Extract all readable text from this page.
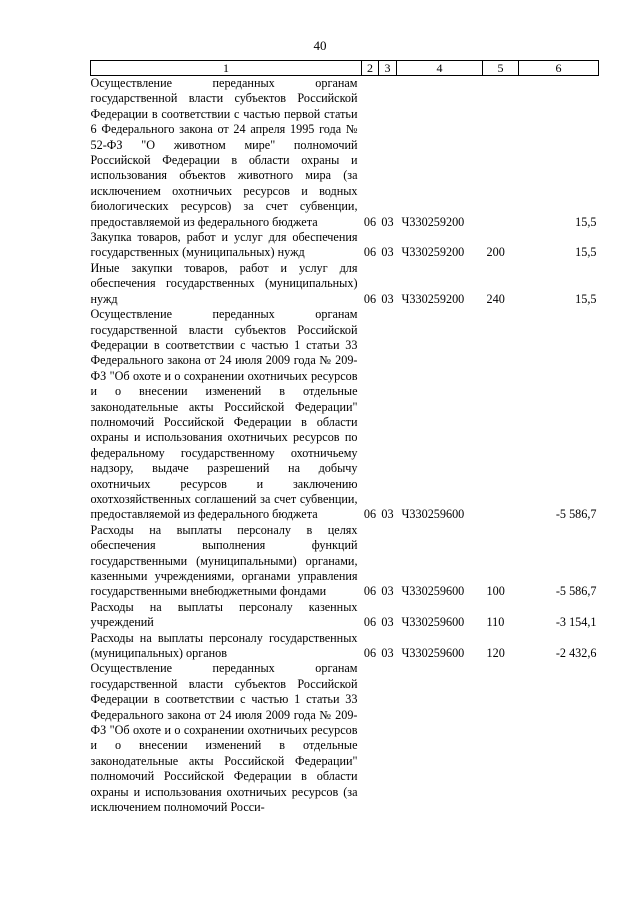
40
1	2	3	4	5	6
Осуществление переданных органам государственной власти субъектов Российской Федерации в соответствии с частью первой статьи 6 Федерального закона от 24 апреля 1995 года № 52-ФЗ "О животном мире" полномочий Российской Федерации в области охраны и использования объектов животного мира (за исключением охотничьих ресурсов и водных биологических ресурсов) за счет субвенции, предоставляемой из федерального бюджета	06	03	Ч330259200		15,5
Закупка товаров, работ и услуг для обеспечения государственных (муниципальных) нужд	06	03	Ч330259200	200	15,5
Иные закупки товаров, работ и услуг для обеспечения государственных (муниципальных) нужд	06	03	Ч330259200	240	15,5
Осуществление переданных органам государственной власти субъектов Российской Федерации в соответствии с частью 1 статьи 33 Федерального закона от 24 июля 2009 года № 209-ФЗ "Об охоте и о сохранении охотничьих ресурсов и о внесении изменений в отдельные законодательные акты Российской Федерации" полномочий Российской Федерации в области охраны и использования охотничьих ресурсов по федеральному государственному охотничьему надзору, выдаче разрешений на добычу охотничьих ресурсов и заключению охотхозяйственных соглашений за счет субвенции, предоставляемой из федерального бюджета	06	03	Ч330259600		-5 586,7
Расходы на выплаты персоналу в целях обеспечения выполнения функций государственными (муниципальными) органами, казенными учреждениями, органами управления государственными внебюджетными фондами	06	03	Ч330259600	100	-5 586,7
Расходы на выплаты персоналу казенных учреждений	06	03	Ч330259600	110	-3 154,1
Расходы на выплаты персоналу государственных (муниципальных) органов	06	03	Ч330259600	120	-2 432,6
Осуществление переданных органам государственной власти субъектов Российской Федерации в соответствии с частью 1 статьи 33 Федерального закона от 24 июля 2009 года № 209-ФЗ "Об охоте и о сохранении охотничьих ресурсов и о внесении изменений в отдельные законодательные акты Российской Федерации" полномочий Российской Федерации в области охраны и использования охотничьих ресурсов (за исключением полномочий Росси-					
